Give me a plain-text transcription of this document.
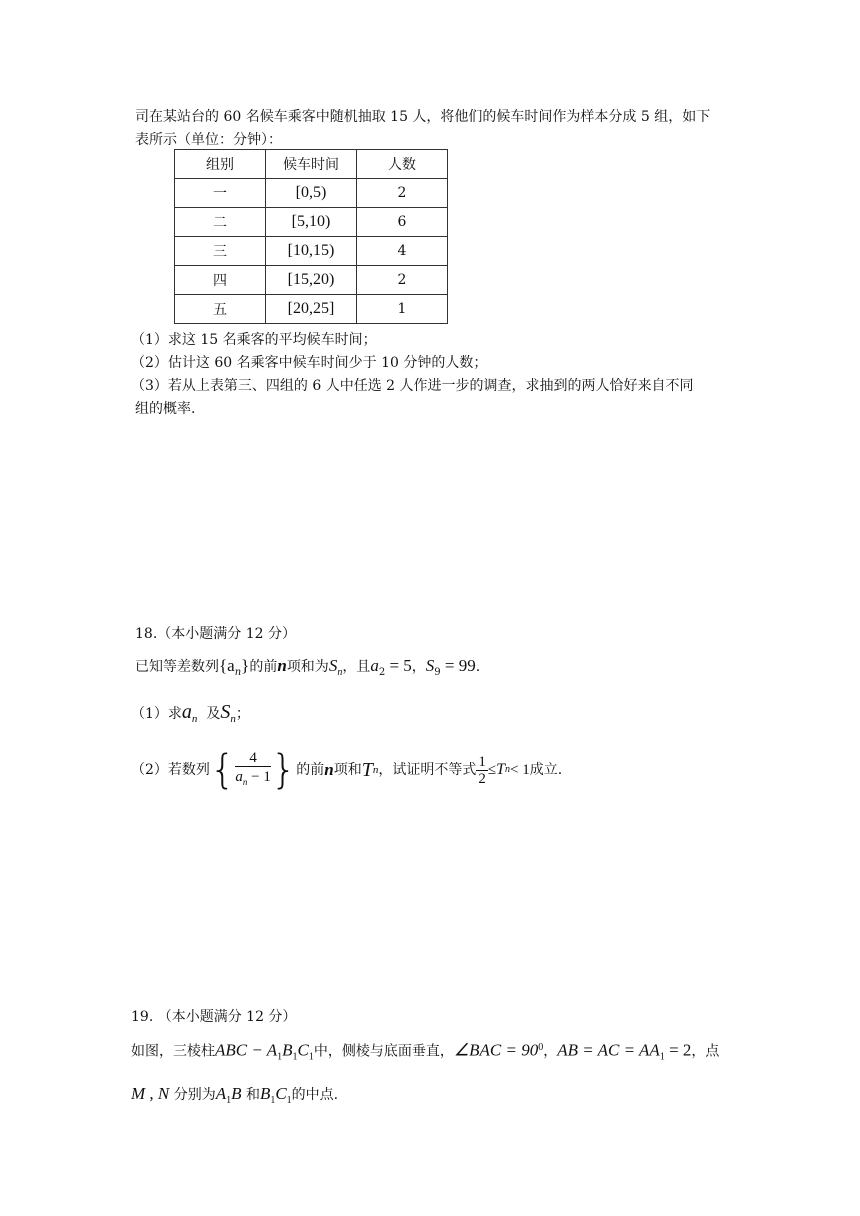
司在某站台的 60 名候车乘客中随机抽取 15 人，将他们的候车时间作为样本分成 5 组，如下
表所示（单位：分钟）：
组别	候车时间	人数
一	[0,5)	2
二	[5,10)	6
三	[10,15)	4
四	[15,20)	2
五	[20,25]	1
（1）求这 15 名乘客的平均候车时间；
（2）估计这 60 名乘客中候车时间少于 10 分钟的人数；
（3）若从上表第三、四组的 6 人中任选 2 人作进一步的调查，求抽到的两人恰好来自不同
组的概率.
18.（本小题满分 12 分）
已知等差数列$\{a_n\}$的前n项和为$S_n$，且$a_2 = 5$，$S_9 = 99$.
（1）求$a_n$ 及$S_n$；
（2）若数列 { $\frac{4}{a_n - 1}$ } 的前 n 项和 T n ，试证明不等式 $\frac{1}{2} \le T$ n < 1 成立.
19. （本小题满分 12 分）
如图，三棱柱ABC − $A_1B_1C_1$中，侧棱与底面垂直，∠BAC = $90^0$，AB = AC = $AA_1 = 2$，点
M , N 分别为$A_1B$ 和$B_1C_1$的中点.
